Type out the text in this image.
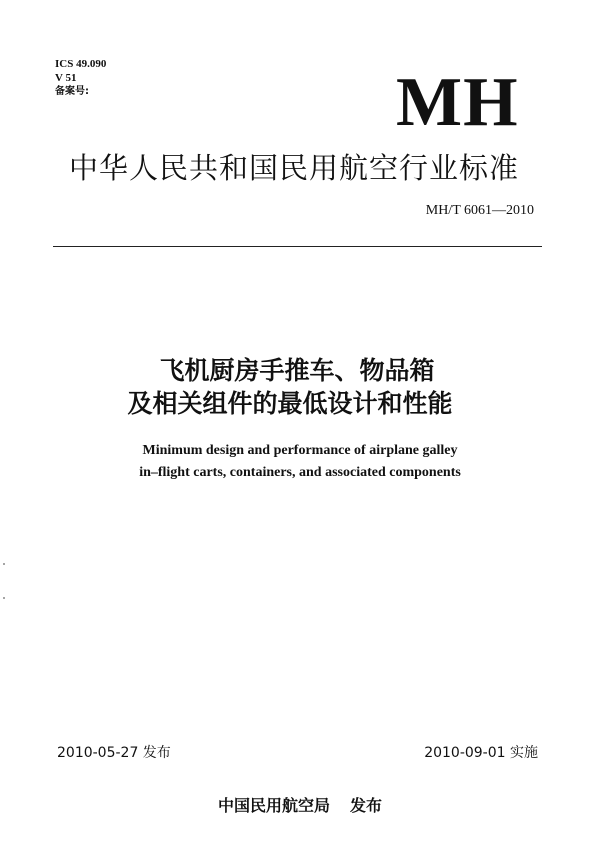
ICS 49.090
V 51
备案号:	MH
中华人民共和国民用航空行业标准
MH/T 6061—2010
飞机厨房手推车、物品箱
及相关组件的最低设计和性能
Minimum design and performance of airplane galley
in–flight carts, containers, and associated components
2010-05-27 发布	2010-09-01 实施
中国民用航空局 发布
